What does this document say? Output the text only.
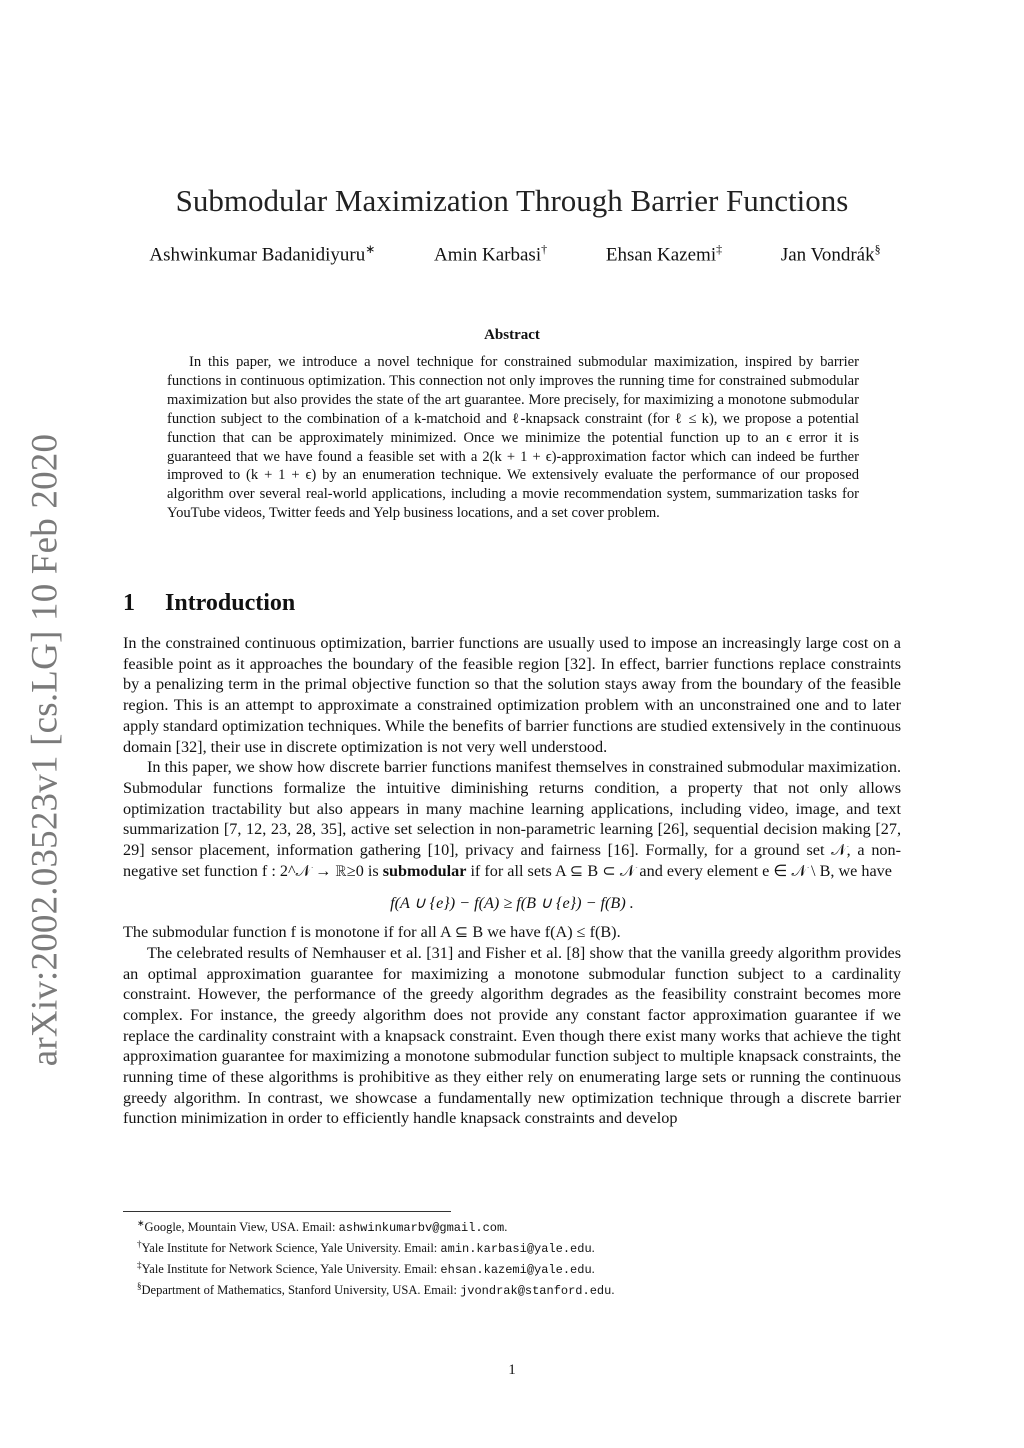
arXiv:2002.03523v1 [cs.LG] 10 Feb 2020
Submodular Maximization Through Barrier Functions
Ashwinkumar Badanidiyuru∗	Amin Karbasi†	Ehsan Kazemi‡	Jan Vondrák§
Abstract
In this paper, we introduce a novel technique for constrained submodular maximization, inspired by barrier functions in continuous optimization. This connection not only improves the running time for constrained submodular maximization but also provides the state of the art guarantee. More precisely, for maximizing a monotone submodular function subject to the combination of a k-matchoid and ℓ-knapsack constraint (for ℓ ≤ k), we propose a potential function that can be approximately minimized. Once we minimize the potential function up to an ϵ error it is guaranteed that we have found a feasible set with a 2(k + 1 + ϵ)-approximation factor which can indeed be further improved to (k + 1 + ϵ) by an enumeration technique. We extensively evaluate the performance of our proposed algorithm over several real-world applications, including a movie recommendation system, summarization tasks for YouTube videos, Twitter feeds and Yelp business locations, and a set cover problem.
1 Introduction

In the constrained continuous optimization, barrier functions are usually used to impose an increasingly large cost on a feasible point as it approaches the boundary of the feasible region [32]. In effect, barrier functions replace constraints by a penalizing term in the primal objective function so that the solution stays away from the boundary of the feasible region. This is an attempt to approximate a constrained optimization problem with an unconstrained one and to later apply standard optimization techniques. While the benefits of barrier functions are studied extensively in the continuous domain [32], their use in discrete optimization is not very well understood.

In this paper, we show how discrete barrier functions manifest themselves in constrained submodular maximization. Submodular functions formalize the intuitive diminishing returns condition, a property that not only allows optimization tractability but also appears in many machine learning applications, including video, image, and text summarization [7, 12, 23, 28, 35], active set selection in non-parametric learning [26], sequential decision making [27, 29] sensor placement, information gathering [10], privacy and fairness [16]. Formally, for a ground set 𝒩, a non-negative set function f : 2^𝒩 → ℝ≥0 is submodular if for all sets A ⊆ B ⊂ 𝒩 and every element e ∈ 𝒩 \ B, we have

f(A ∪ {e}) − f(A) ≥ f(B ∪ {e}) − f(B) .

The submodular function f is monotone if for all A ⊆ B we have f(A) ≤ f(B).

The celebrated results of Nemhauser et al. [31] and Fisher et al. [8] show that the vanilla greedy algorithm provides an optimal approximation guarantee for maximizing a monotone submodular function subject to a cardinality constraint. However, the performance of the greedy algorithm degrades as the feasibility constraint becomes more complex. For instance, the greedy algorithm does not provide any constant factor approximation guarantee if we replace the cardinality constraint with a knapsack constraint. Even though there exist many works that achieve the tight approximation guarantee for maximizing a monotone submodular function subject to multiple knapsack constraints, the running time of these algorithms is prohibitive as they either rely on enumerating large sets or running the continuous greedy algorithm. In contrast, we showcase a fundamentally new optimization technique through a discrete barrier function minimization in order to efficiently handle knapsack constraints and develop

∗Google, Mountain View, USA. Email: ashwinkumarbv@gmail.com.
†Yale Institute for Network Science, Yale University. Email: amin.karbasi@yale.edu.
‡Yale Institute for Network Science, Yale University. Email: ehsan.kazemi@yale.edu.
§Department of Mathematics, Stanford University, USA. Email: jvondrak@stanford.edu.
1
